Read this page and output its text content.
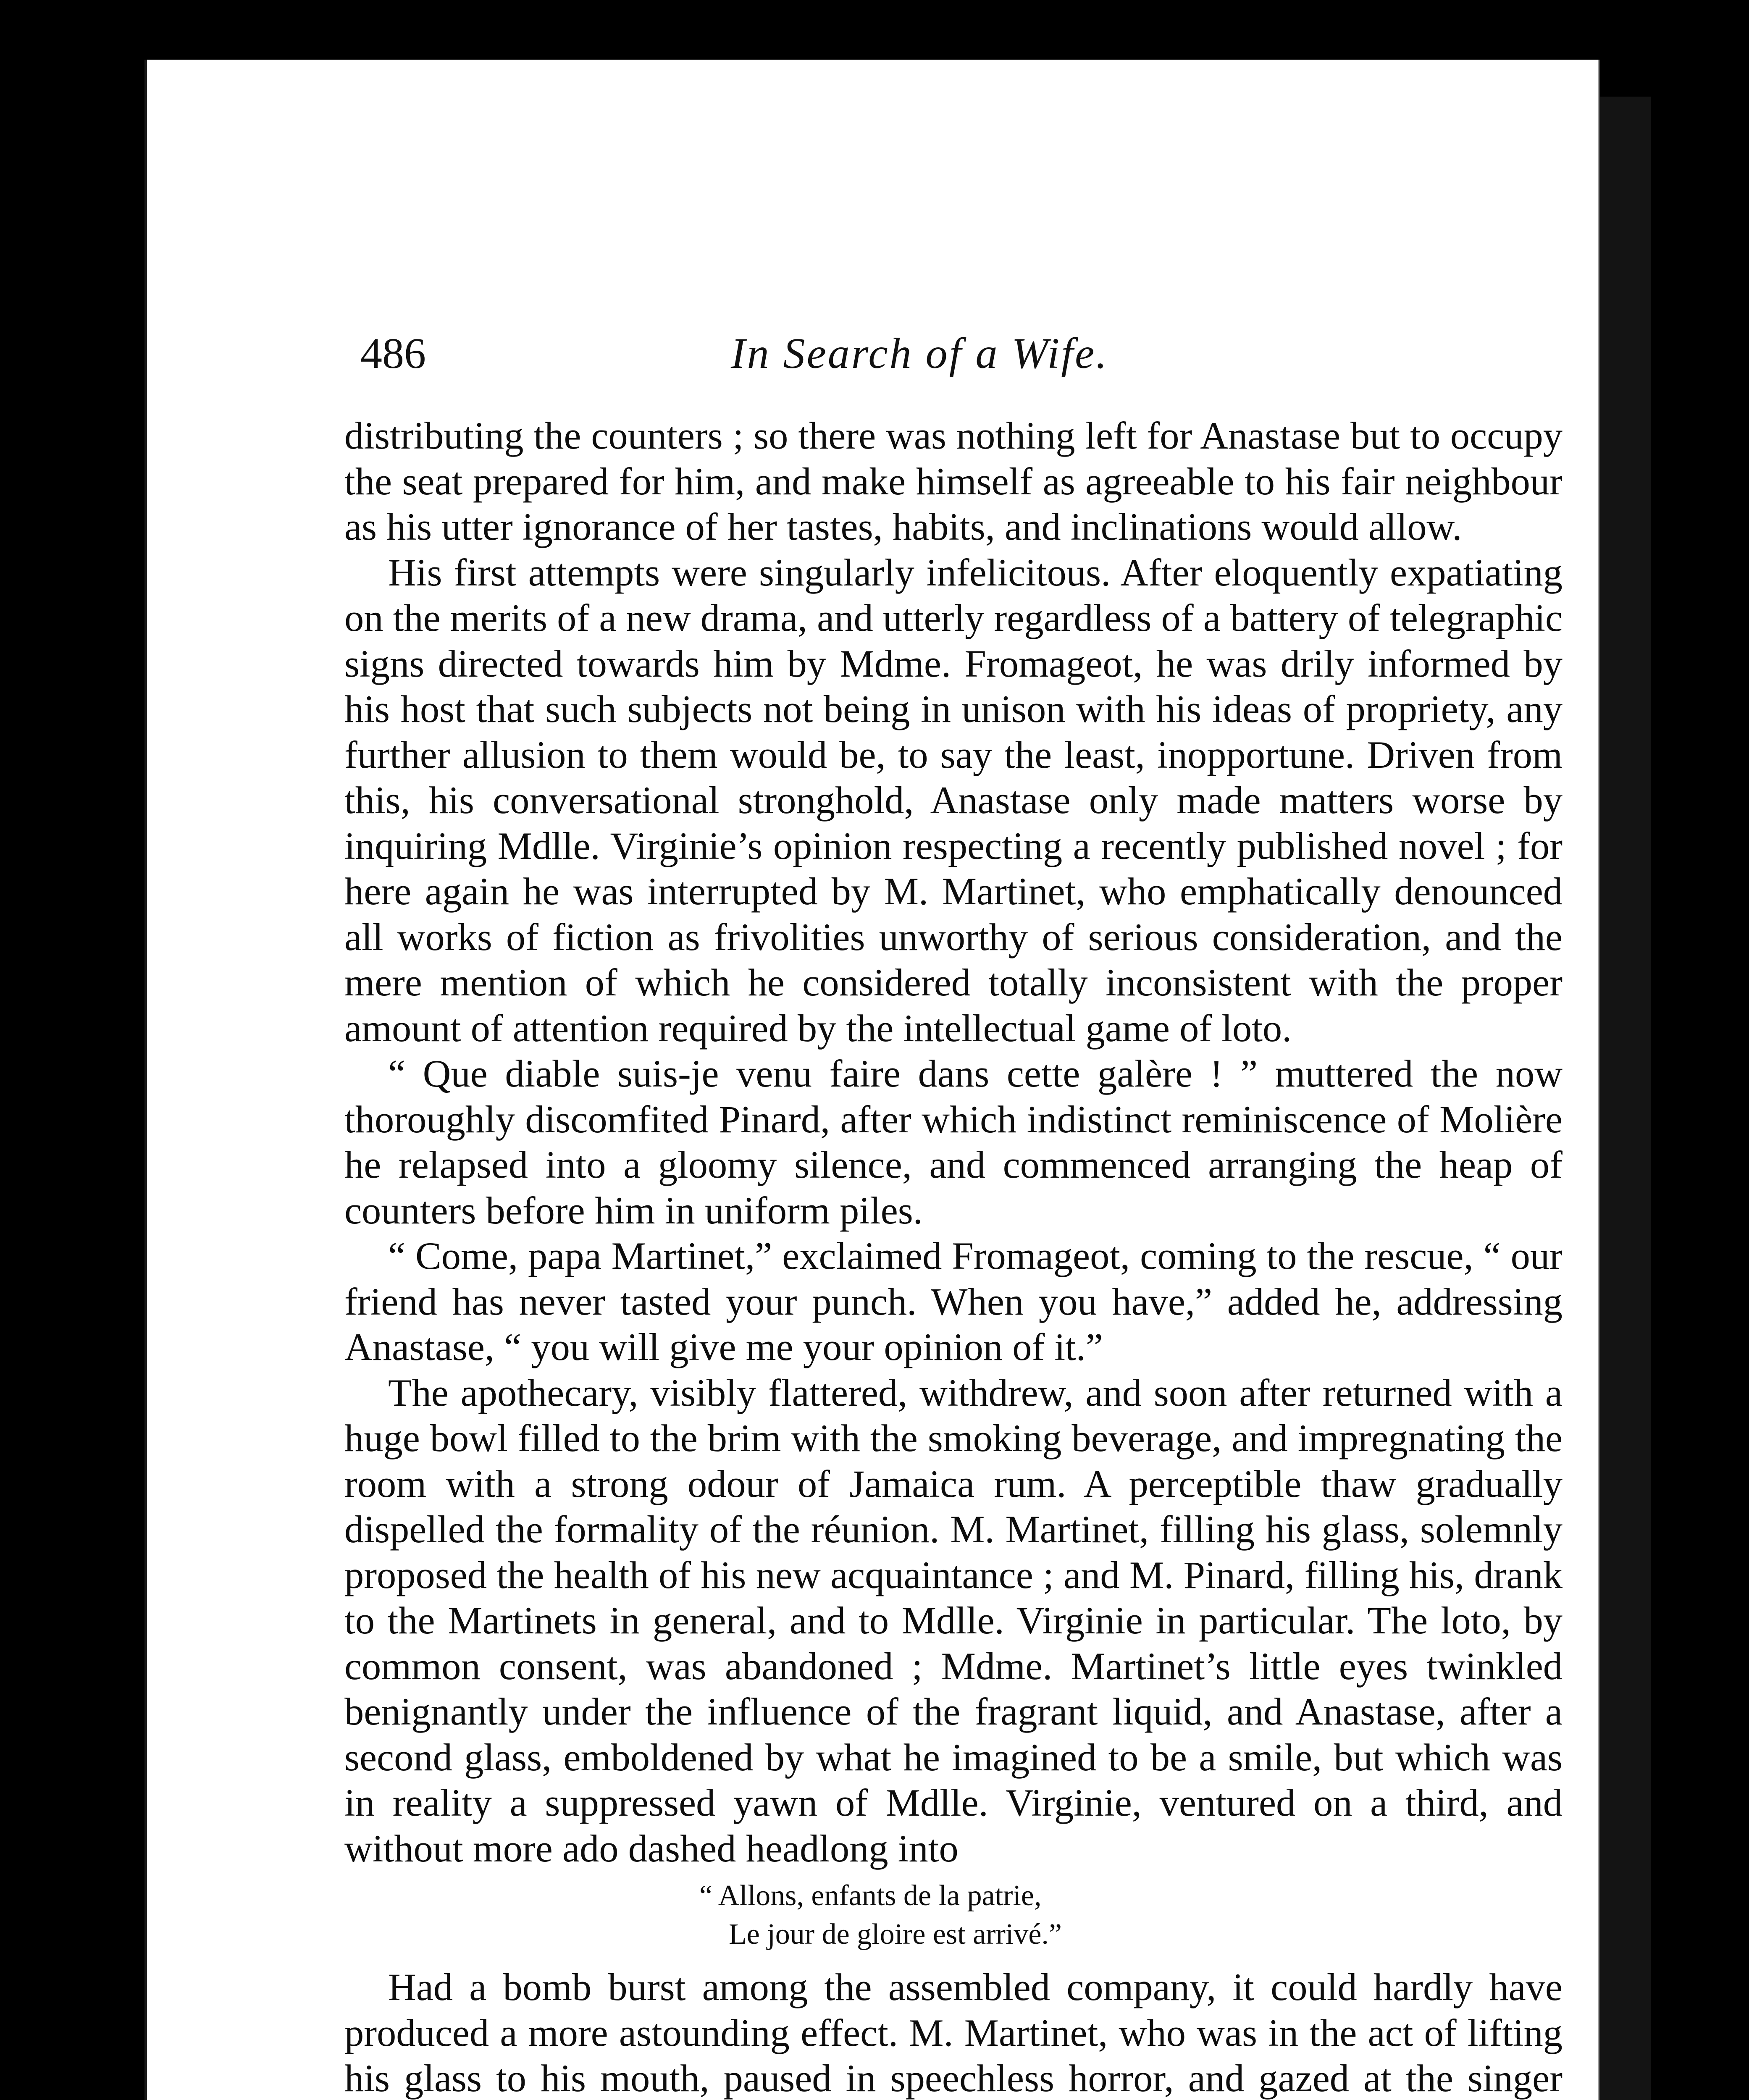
486	In Search of a Wife.

distributing the counters ; so there was nothing left for Anastase but to occupy the seat prepared for him, and make himself as agreeable to his fair neighbour as his utter ignorance of her tastes, habits, and inclinations would allow.

His first attempts were singularly infelicitous. After eloquently expatiating on the merits of a new drama, and utterly regardless of a battery of telegraphic signs directed towards him by Mdme. Fromageot, he was drily informed by his host that such subjects not being in unison with his ideas of propriety, any further allusion to them would be, to say the least, inopportune. Driven from this, his conversational stronghold, Anastase only made matters worse by inquiring Mdlle. Virginie’s opinion respecting a recently published novel ; for here again he was interrupted by M. Martinet, who emphatically denounced all works of fiction as frivolities unworthy of serious consideration, and the mere mention of which he considered totally inconsistent with the proper amount of attention required by the intellectual game of loto.

“ Que diable suis-je venu faire dans cette galère ! ” muttered the now thoroughly discomfited Pinard, after which indistinct reminiscence of Molière he relapsed into a gloomy silence, and commenced arranging the heap of counters before him in uniform piles.

“ Come, papa Martinet,” exclaimed Fromageot, coming to the rescue, “ our friend has never tasted your punch. When you have,” added he, addressing Anastase, “ you will give me your opinion of it.”

The apothecary, visibly flattered, withdrew, and soon after returned with a huge bowl filled to the brim with the smoking beverage, and impregnating the room with a strong odour of Jamaica rum. A perceptible thaw gradually dispelled the formality of the réunion. M. Martinet, filling his glass, solemnly proposed the health of his new acquaintance ; and M. Pinard, filling his, drank to the Martinets in general, and to Mdlle. Virginie in particular. The loto, by common consent, was abandoned ; Mdme. Martinet’s little eyes twinkled benignantly under the influence of the fragrant liquid, and Anastase, after a second glass, emboldened by what he imagined to be a smile, but which was in reality a suppressed yawn of Mdlle. Virginie, ventured on a third, and without more ado dashed headlong into

“ Allons, enfants de la patrie,
Le jour de gloire est arrivé.”

Had a bomb burst among the assembled company, it could hardly have produced a more astounding effect. M. Martinet, who was in the act of lifting his glass to his mouth, paused in speechless horror, and gazed at the singer
